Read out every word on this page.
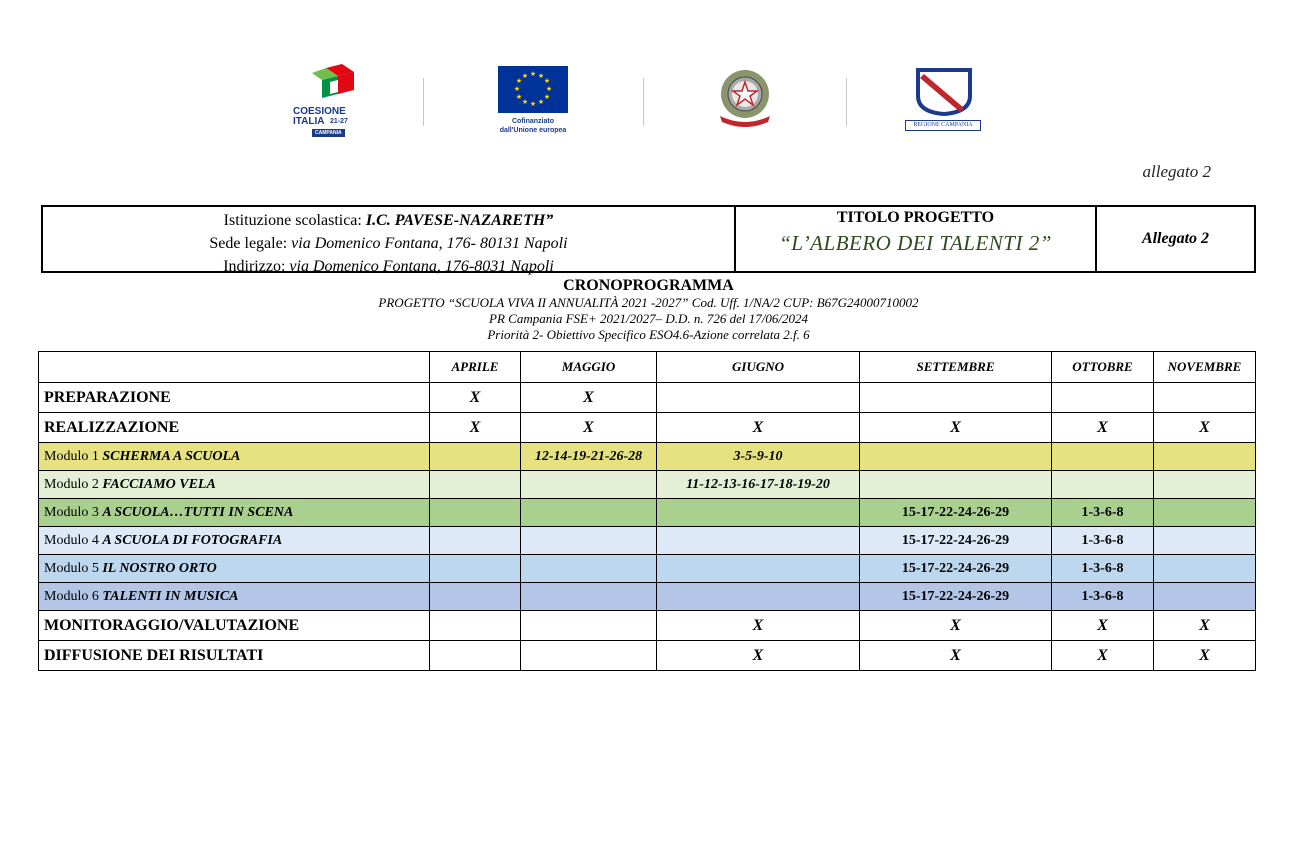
COESIONE
ITALIA 21-27
CAMPANIA
★ ★
★
★
★
★
★
★
★
★
★
★
Cofinanziato
dall'Unione europea
REGIONE CAMPANIA
allegato 2
Istituzione scolastica: I.C. PAVESE-NAZARETH”
Sede legale: via Domenico Fontana, 176- 80131 Napoli
Indirizzo: via Domenico Fontana, 176-8031 Napoli
TITOLO PROGETTO
“L’ALBERO DEI TALENTI 2”	Allegato 2
CRONOPROGRAMMA
PROGETTO “SCUOLA VIVA II ANNUALITÀ 2021 -2027” Cod. Uff. 1/NA/2 CUP: B67G24000710002
PR Campania FSE+ 2021/2027– D.D. n. 726 del 17/06/2024
Priorità 2- Obiettivo Specifico ESO4.6-Azione correlata 2.f. 6
	APRILE	MAGGIO	GIUGNO	SETTEMBRE	OTTOBRE	NOVEMBRE
PREPARAZIONE	X	X				
REALIZZAZIONE	X	X	X	X	X	X
Modulo 1 SCHERMA A SCUOLA		12-14-19-21-26-28	3-5-9-10			
Modulo 2 FACCIAMO VELA			11-12-13-16-17-18-19-20			
Modulo 3 A SCUOLA…TUTTI IN SCENA				15-17-22-24-26-29	1-3-6-8	
Modulo 4 A SCUOLA DI FOTOGRAFIA				15-17-22-24-26-29	1-3-6-8	
Modulo 5 IL NOSTRO ORTO				15-17-22-24-26-29	1-3-6-8	
Modulo 6 TALENTI IN MUSICA				15-17-22-24-26-29	1-3-6-8	
MONITORAGGIO/VALUTAZIONE			X	X	X	X
DIFFUSIONE DEI RISULTATI			X	X	X	X
